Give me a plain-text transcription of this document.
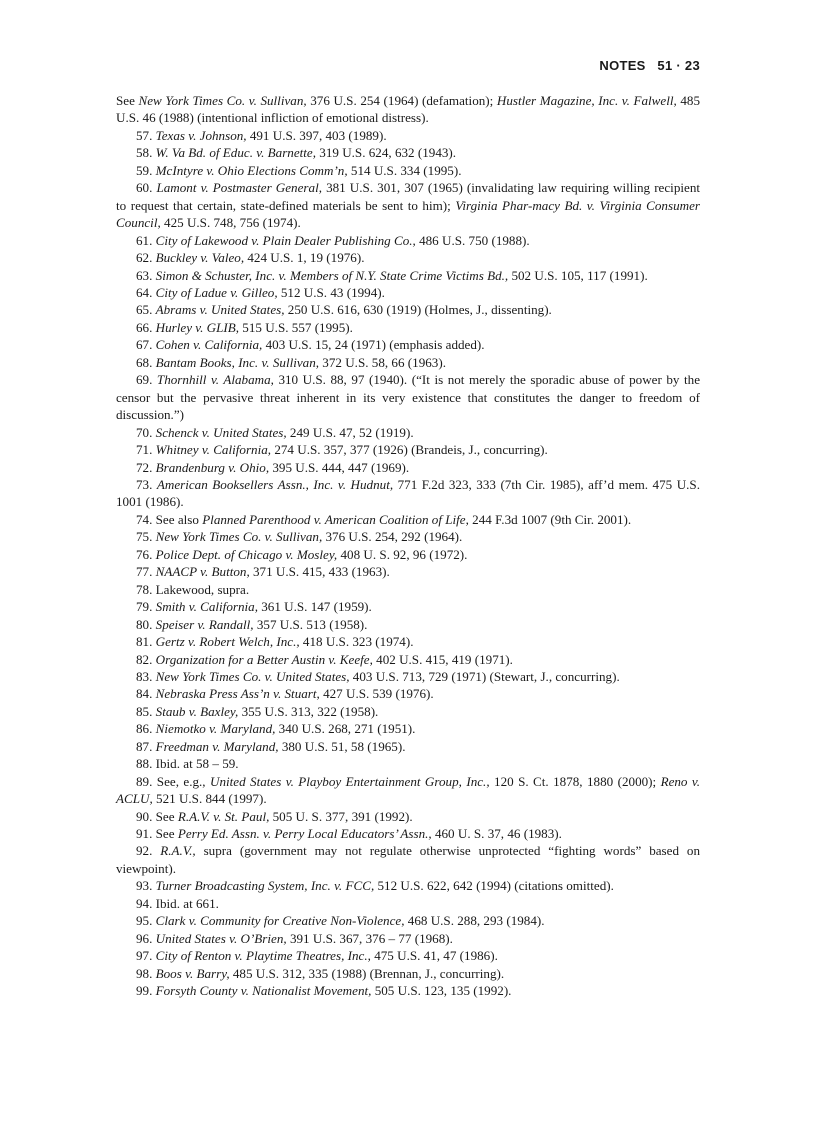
NOTES 51 · 23

See New York Times Co. v. Sullivan, 376 U.S. 254 (1964) (defamation); Hustler Magazine, Inc. v. Falwell, 485 U.S. 46 (1988) (intentional infliction of emotional distress).

57. Texas v. Johnson, 491 U.S. 397, 403 (1989).

58. W. Va Bd. of Educ. v. Barnette, 319 U.S. 624, 632 (1943).

59. McIntyre v. Ohio Elections Comm’n, 514 U.S. 334 (1995).

60. Lamont v. Postmaster General, 381 U.S. 301, 307 (1965) (invalidating law requiring willing recipient to request that certain, state-defined materials be sent to him); Virginia Phar-macy Bd. v. Virginia Consumer Council, 425 U.S. 748, 756 (1974).

61. City of Lakewood v. Plain Dealer Publishing Co., 486 U.S. 750 (1988).

62. Buckley v. Valeo, 424 U.S. 1, 19 (1976).

63. Simon & Schuster, Inc. v. Members of N.Y. State Crime Victims Bd., 502 U.S. 105, 117 (1991).

64. City of Ladue v. Gilleo, 512 U.S. 43 (1994).

65. Abrams v. United States, 250 U.S. 616, 630 (1919) (Holmes, J., dissenting).

66. Hurley v. GLIB, 515 U.S. 557 (1995).

67. Cohen v. California, 403 U.S. 15, 24 (1971) (emphasis added).

68. Bantam Books, Inc. v. Sullivan, 372 U.S. 58, 66 (1963).

69. Thornhill v. Alabama, 310 U.S. 88, 97 (1940). (“It is not merely the sporadic abuse of power by the censor but the pervasive threat inherent in its very existence that constitutes the danger to freedom of discussion.”)

70. Schenck v. United States, 249 U.S. 47, 52 (1919).

71. Whitney v. California, 274 U.S. 357, 377 (1926) (Brandeis, J., concurring).

72. Brandenburg v. Ohio, 395 U.S. 444, 447 (1969).

73. American Booksellers Assn., Inc. v. Hudnut, 771 F.2d 323, 333 (7th Cir. 1985), aff’d mem. 475 U.S. 1001 (1986).

74. See also Planned Parenthood v. American Coalition of Life, 244 F.3d 1007 (9th Cir. 2001).

75. New York Times Co. v. Sullivan, 376 U.S. 254, 292 (1964).

76. Police Dept. of Chicago v. Mosley, 408 U. S. 92, 96 (1972).

77. NAACP v. Button, 371 U.S. 415, 433 (1963).

78. Lakewood, supra.

79. Smith v. California, 361 U.S. 147 (1959).

80. Speiser v. Randall, 357 U.S. 513 (1958).

81. Gertz v. Robert Welch, Inc., 418 U.S. 323 (1974).

82. Organization for a Better Austin v. Keefe, 402 U.S. 415, 419 (1971).

83. New York Times Co. v. United States, 403 U.S. 713, 729 (1971) (Stewart, J., concurring).

84. Nebraska Press Ass’n v. Stuart, 427 U.S. 539 (1976).

85. Staub v. Baxley, 355 U.S. 313, 322 (1958).

86. Niemotko v. Maryland, 340 U.S. 268, 271 (1951).

87. Freedman v. Maryland, 380 U.S. 51, 58 (1965).

88. Ibid. at 58 – 59.

89. See, e.g., United States v. Playboy Entertainment Group, Inc., 120 S. Ct. 1878, 1880 (2000); Reno v. ACLU, 521 U.S. 844 (1997).

90. See R.A.V. v. St. Paul, 505 U. S. 377, 391 (1992).

91. See Perry Ed. Assn. v. Perry Local Educators’ Assn., 460 U. S. 37, 46 (1983).

92. R.A.V., supra (government may not regulate otherwise unprotected “fighting words” based on viewpoint).

93. Turner Broadcasting System, Inc. v. FCC, 512 U.S. 622, 642 (1994) (citations omitted).

94. Ibid. at 661.

95. Clark v. Community for Creative Non-Violence, 468 U.S. 288, 293 (1984).

96. United States v. O’Brien, 391 U.S. 367, 376 – 77 (1968).

97. City of Renton v. Playtime Theatres, Inc., 475 U.S. 41, 47 (1986).

98. Boos v. Barry, 485 U.S. 312, 335 (1988) (Brennan, J., concurring).

99. Forsyth County v. Nationalist Movement, 505 U.S. 123, 135 (1992).
